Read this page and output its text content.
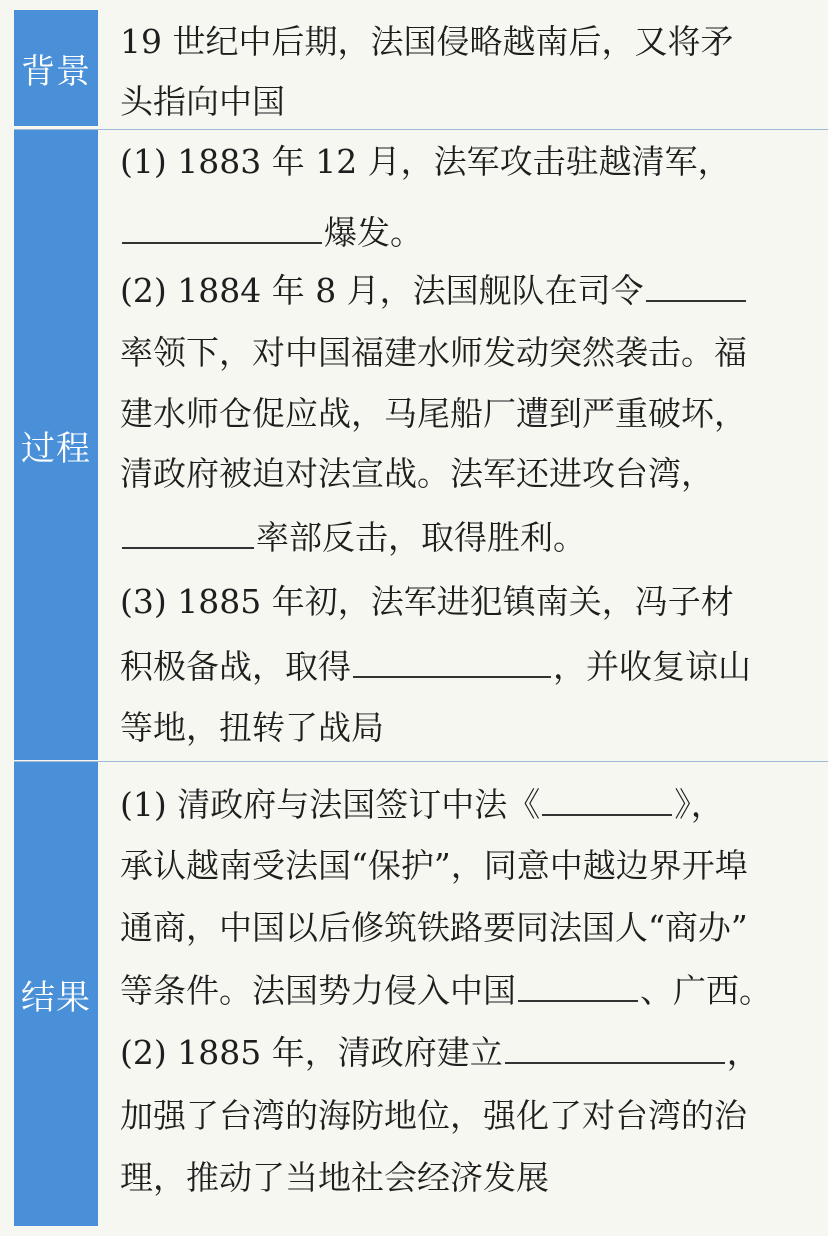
背景
19 世纪中后期，法国侵略越南后，又将矛
头指向中国
过程
(1) 1883 年 12 月，法军攻击驻越清军，
爆发。
(2) 1884 年 8 月，法国舰队在司令
率领下，对中国福建水师发动突然袭击。福
建水师仓促应战，马尾船厂遭到严重破坏，
清政府被迫对法宣战。法军还进攻台湾，
率部反击，取得胜利。
(3) 1885 年初，法军进犯镇南关，冯子材
积极备战，取得	，并收复谅山
等地，扭转了战局
结果
(1) 清政府与法国签订中法《	》，
承认越南受法国“保护”，同意中越边界开埠
通商，中国以后修筑铁路要同法国人“商办”
等条件。法国势力侵入中国	、广西。
(2) 1885 年，清政府建立	，
加强了台湾的海防地位，强化了对台湾的治
理，推动了当地社会经济发展
